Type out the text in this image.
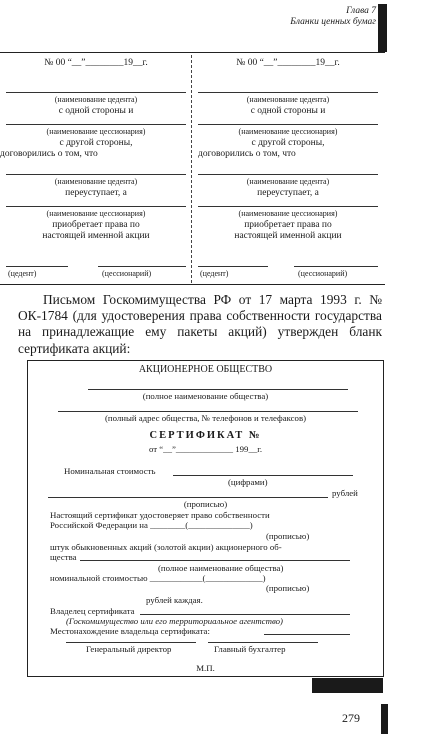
Глава 7
Бланки ценных бумаг
№ 00 “__”________19__г.
(наименование цедента)
с одной стороны и
(наименование цессионария)
с другой стороны,
договорились о том, что
(наименование цедента)
переуступает, а
(наименование цессионария)
приобретает права по
настоящей именной акции
(цедент)	(цессионарий)
№ 00 “__”________19__г.
(наименование цедента)
с одной стороны и
(наименование цессионария)
с другой стороны,
договорились о том, что
(наименование цедента)
переуступает, а
(наименование цессионария)
приобретает права по
настоящей именной акции
(цедент)	(цессионарий)

Письмом Госкомимущества РФ от 17 марта 1993 г. № ОК-1784 (для удостоверения права собственности государства на принадлежащие ему пакеты акций) утвержден бланк сертификата акций:

АКЦИОНЕРНОЕ ОБЩЕСТВО
(полное наименование общества)
(полный адрес общества, № телефонов и телефаксов)
СЕРТИФИКАТ №
от “__”_____________ 199__г.
Номинальная стоимость
(цифрами)
рублей
(прописью)
Настоящий сертификат удостоверяет право собственности
Российской Федерации на ________(______________)
(прописью)
штук обыкновенных акций (золотой акции) акционерного об-
щества
(полное наименование общества)
номинальной стоимостью ____________(_____________)
(прописью)
рублей каждая.
Владелец сертификата
(Госкомимущество или его территориальное агентство)
Местонахождение владельца сертификата:
Генеральный директор	Главный бухгалтер
М.П.
279
